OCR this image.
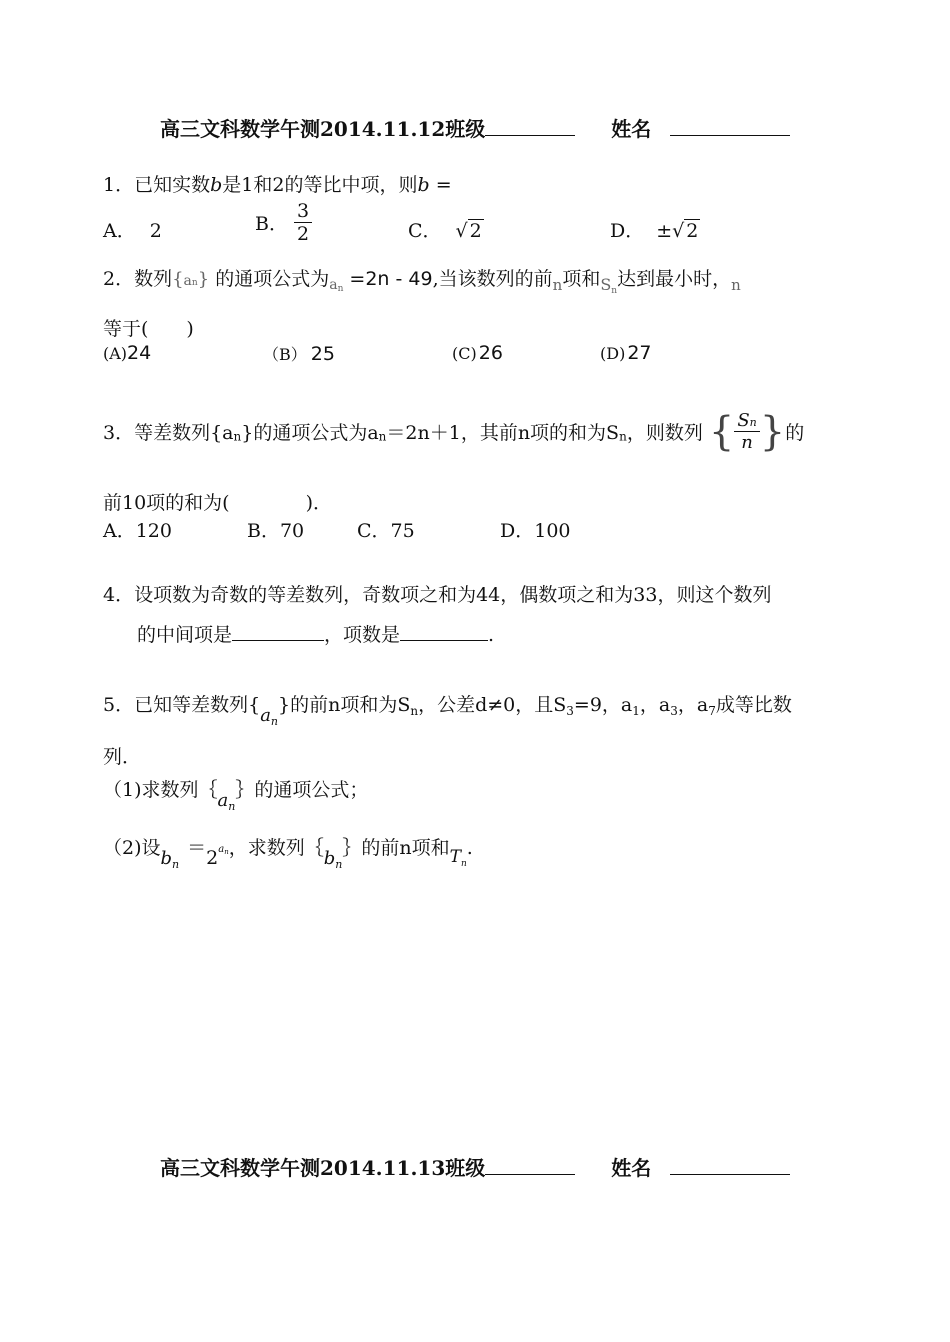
高三文科数学午测2014.11.12班级	姓名
1．已知实数b是1和2的等比中项，则b =
A． 2	B． $\frac{3}{2}$	C． √ 2	D． ±√ 2
2．数列{an} 的通项公式为$_{an}$ =2n - 49,当该数列的前$_n$项和$_{Sn}$达到最小时，$_n$
等于(　　)
(A)24	（B） 25	(C) 26	(D) 27
3．等差数列$\{a_n\}$的通项公式为$a_n=2n+1$，其前n项的和为$S_n$，则数列 { $\frac{Sn}{n}$ }的
前10项的和为(　　　　)．
A．120	B．70	C．75	D．100
4．设项数为奇数的等差数列，奇数项之和为44，偶数项之和为33，则这个数列
的中间项是	，项数是	.
5．已知等差数列$\{a_n\}$的前n项和为$S_n$，公差d≠0，且$S_3=9$，$a_1$，$a_3$，$a_7$成等比数
列．
（1)求数列$\{a_n\}$的通项公式；
（2)设$b_n=2an$，求数列$\{b_n\}$的前n项和$T_n$.
高三文科数学午测2014.11.13班级	姓名
